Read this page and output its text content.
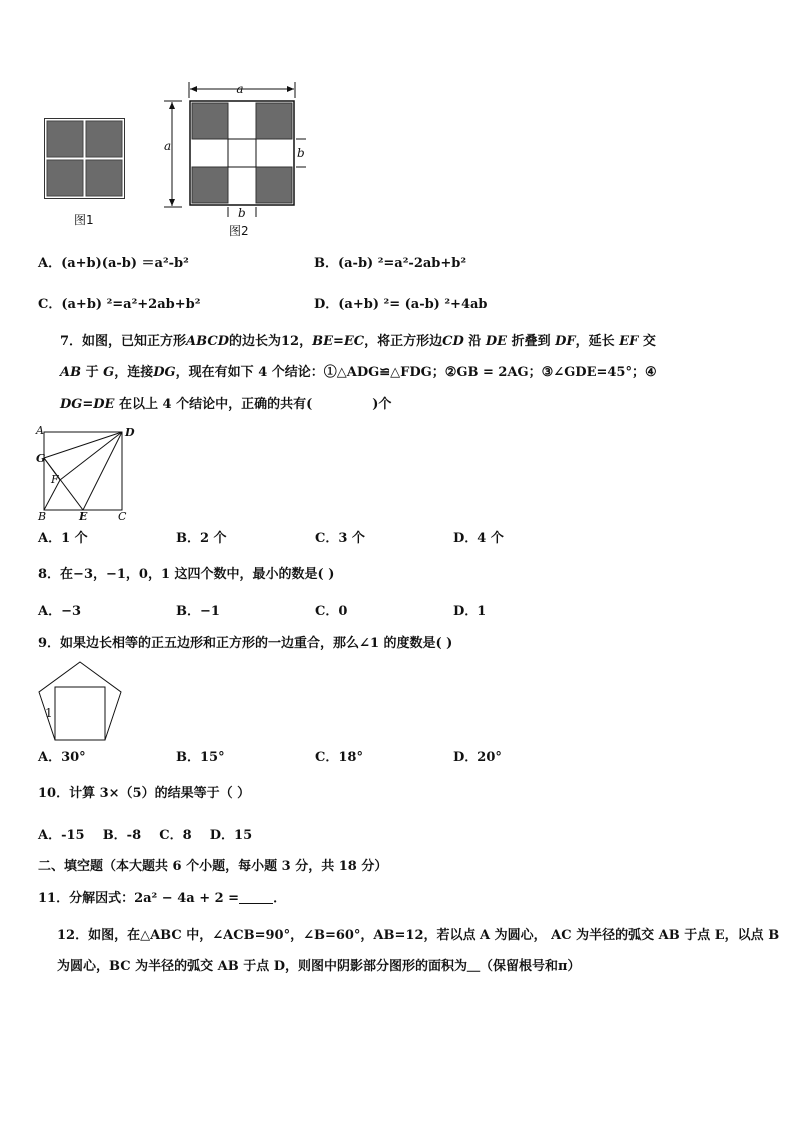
图1
a
a	b
b
图2
A．(a+b)(a-b) ＝a²-b²	B．(a-b) ²=a²-2ab+b²
C．(a+b) ²=a²+2ab+b²	D．(a+b) ²= (a-b) ²+4ab
7．如图，已知正方形ABCD的边长为12，BE=EC，将正方形边CD 沿 DE 折叠到 DF，延长 EF 交
AB 于 G，连接DG，现在有如下 4 个结论：①△ADG≌△FDG；②GB = 2AG；③∠GDE=45°；④
DG=DE 在以上 4 个结论中，正确的共有(	)个
A	D
G
F
B	E	C
A．1 个	B．2 个	C．3 个	D．4 个
8．在−3，−1，0，1 这四个数中，最小的数是( )
A．−3	B．−1	C．0	D．1
9．如果边长相等的正五边形和正方形的一边重合，那么∠1 的度数是( )
1
A．30°	B．15°	C．18°	D．20°
10．计算 3×（5）的结果等于（ ）
A．-15 B．-8 C．8 D．15
二、填空题（本大题共 6 个小题，每小题 3 分，共 18 分）
11．分解因式：2a² − 4a + 2 =	．
12．如图，在△ABC 中，∠ACB=90°，∠B=60°，AB=12，若以点 A 为圆心， AC 为半径的弧交 AB 于点 E，以点 B
为圆心，BC 为半径的弧交 AB 于点 D，则图中阴影部分图形的面积为＿（保留根号和π）
